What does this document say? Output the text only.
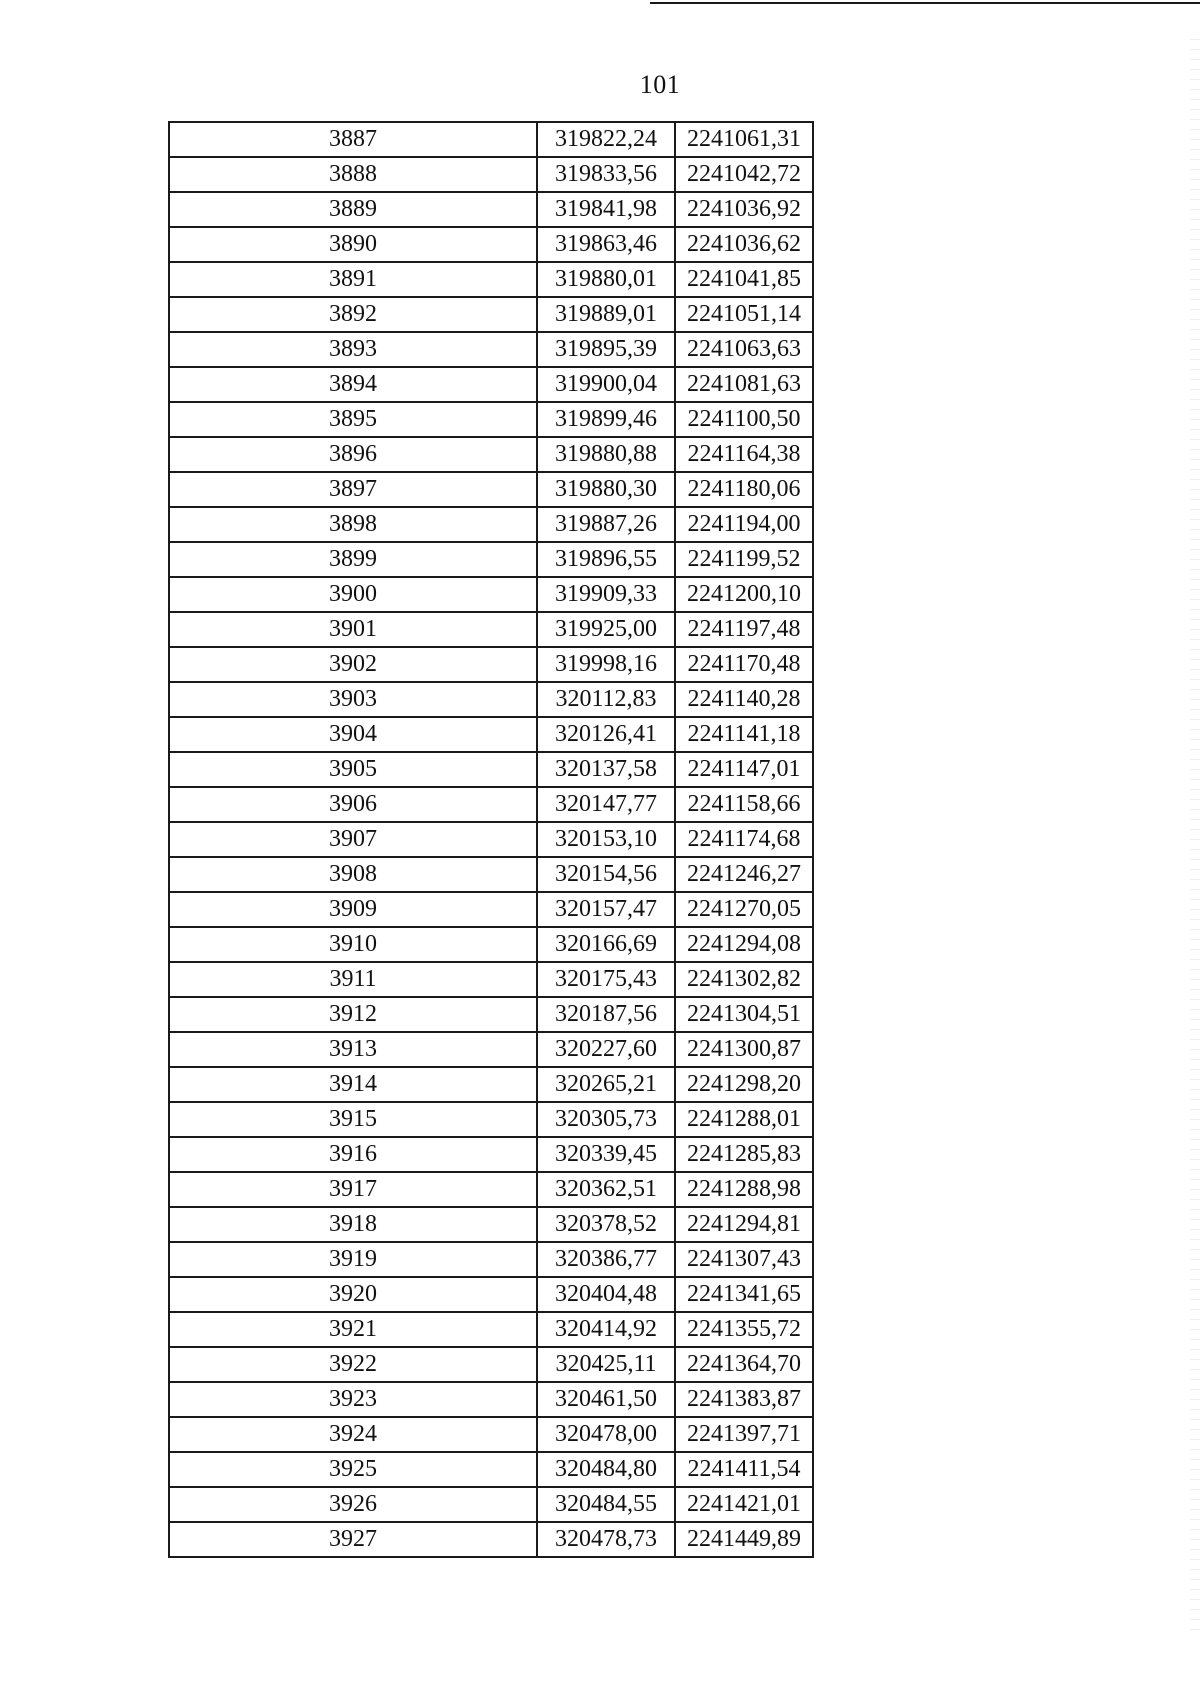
101
3887	319822,24	2241061,31
3888	319833,56	2241042,72
3889	319841,98	2241036,92
3890	319863,46	2241036,62
3891	319880,01	2241041,85
3892	319889,01	2241051,14
3893	319895,39	2241063,63
3894	319900,04	2241081,63
3895	319899,46	2241100,50
3896	319880,88	2241164,38
3897	319880,30	2241180,06
3898	319887,26	2241194,00
3899	319896,55	2241199,52
3900	319909,33	2241200,10
3901	319925,00	2241197,48
3902	319998,16	2241170,48
3903	320112,83	2241140,28
3904	320126,41	2241141,18
3905	320137,58	2241147,01
3906	320147,77	2241158,66
3907	320153,10	2241174,68
3908	320154,56	2241246,27
3909	320157,47	2241270,05
3910	320166,69	2241294,08
3911	320175,43	2241302,82
3912	320187,56	2241304,51
3913	320227,60	2241300,87
3914	320265,21	2241298,20
3915	320305,73	2241288,01
3916	320339,45	2241285,83
3917	320362,51	2241288,98
3918	320378,52	2241294,81
3919	320386,77	2241307,43
3920	320404,48	2241341,65
3921	320414,92	2241355,72
3922	320425,11	2241364,70
3923	320461,50	2241383,87
3924	320478,00	2241397,71
3925	320484,80	2241411,54
3926	320484,55	2241421,01
3927	320478,73	2241449,89
